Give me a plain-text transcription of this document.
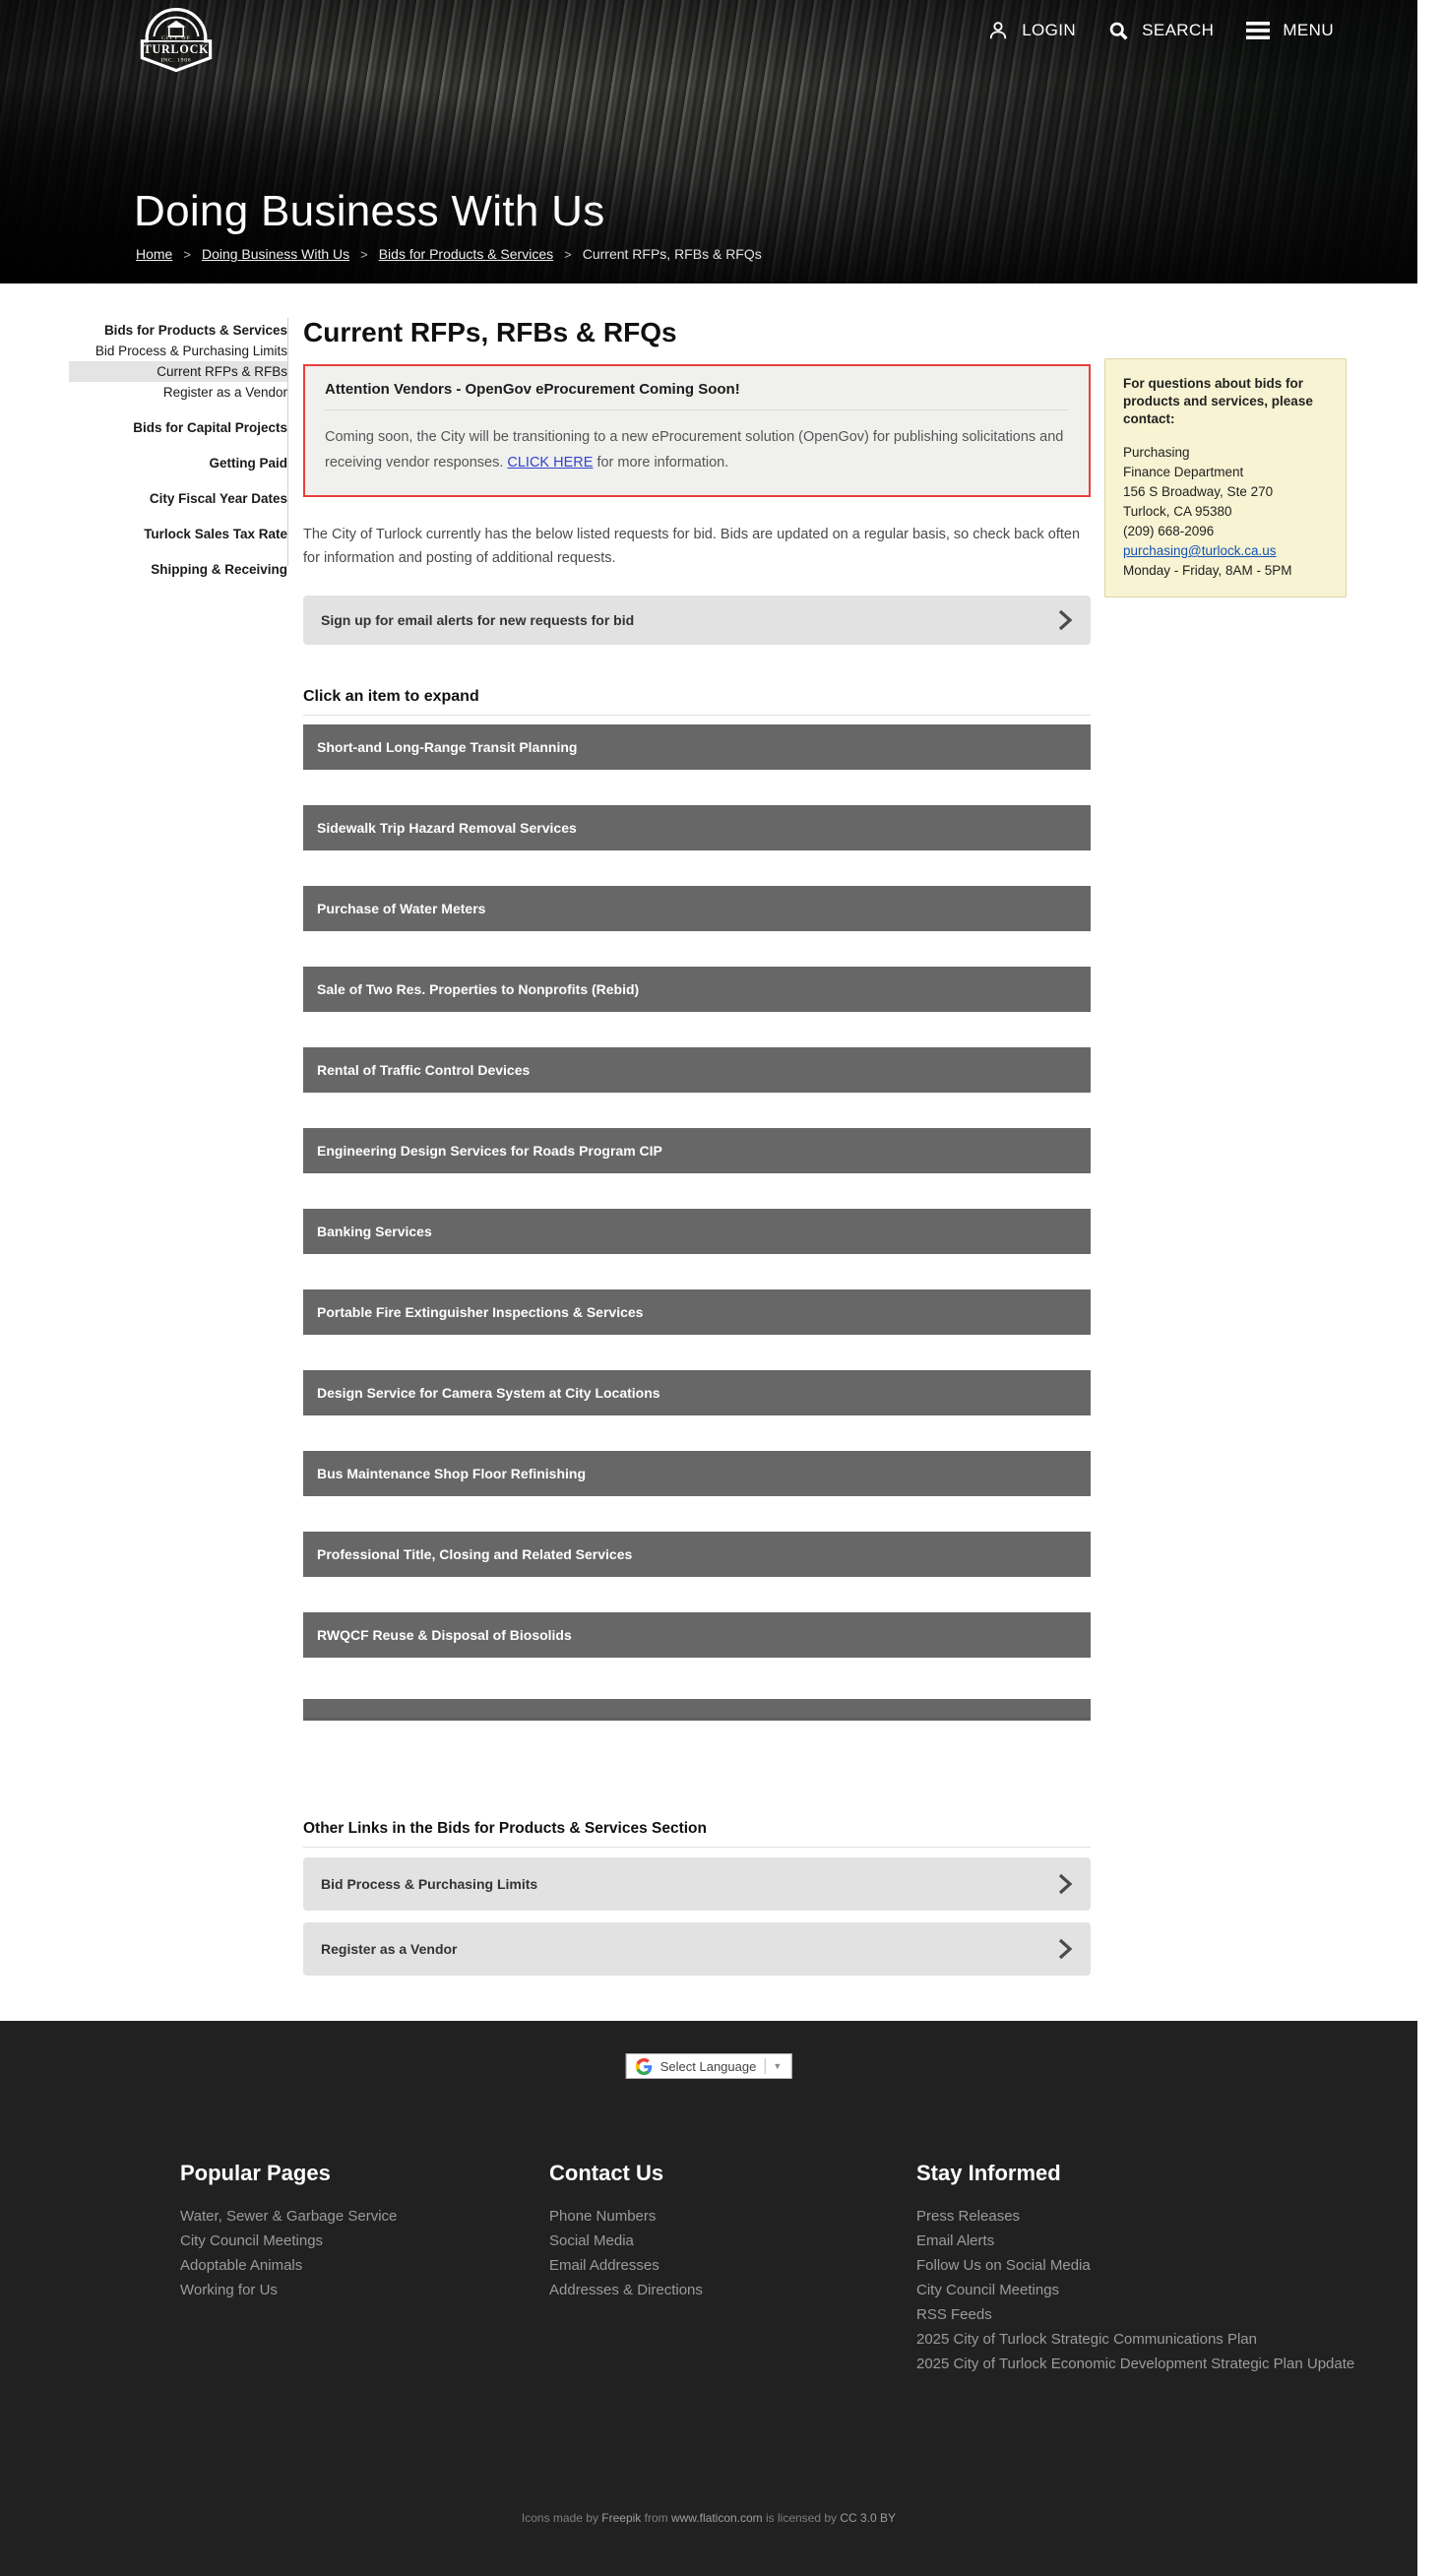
CITY OF
TURLOCK
INC. 1908
LOGIN	SEARCH	MENU
Doing Business With Us
Home > Doing Business With Us > Bids for Products & Services > Current RFPs, RFBs & RFQs
Bids for Products & Services
Bid Process & Purchasing Limits
Current RFPs & RFBs
Register as a Vendor
Bids for Capital Projects
Getting Paid
City Fiscal Year Dates
Turlock Sales Tax Rate
Shipping & Receiving
Current RFPs, RFBs & RFQs
Attention Vendors - OpenGov eProcurement Coming Soon!
Coming soon, the City will be transitioning to a new eProcurement solution (OpenGov) for publishing solicitations and receiving vendor responses. CLICK HERE for more information.

The City of Turlock currently has the below listed requests for bid. Bids are updated on a regular basis, so check back often for information and posting of additional requests.

Sign up for email alerts for new requests for bid
Click an item to expand
Short-and Long-Range Transit Planning
Sidewalk Trip Hazard Removal Services
Purchase of Water Meters
Sale of Two Res. Properties to Nonprofits (Rebid)
Rental of Traffic Control Devices
Engineering Design Services for Roads Program CIP
Banking Services
Portable Fire Extinguisher Inspections & Services
Design Service for Camera System at City Locations
Bus Maintenance Shop Floor Refinishing
Professional Title, Closing and Related Services
RWQCF Reuse & Disposal of Biosolids
Other Links in the Bids for Products & Services Section
Bid Process & Purchasing Limits
Register as a Vendor
For questions about bids for products and services, please contact:
Purchasing
Finance Department
156 S Broadway, Ste 270
Turlock, CA 95380
(209) 668-2096
purchasing@turlock.ca.us
Monday - Friday, 8AM - 5PM
Select Language ▼
Popular Pages
Water, Sewer & Garbage Service
City Council Meetings
Adoptable Animals
Working for Us
Contact Us
Phone Numbers
Social Media
Email Addresses
Addresses & Directions
Stay Informed
Press Releases
Email Alerts
Follow Us on Social Media
City Council Meetings
RSS Feeds
2025 City of Turlock Strategic Communications Plan
2025 City of Turlock Economic Development Strategic Plan Update
Icons made by Freepik from www.flaticon.com is licensed by CC 3.0 BY
